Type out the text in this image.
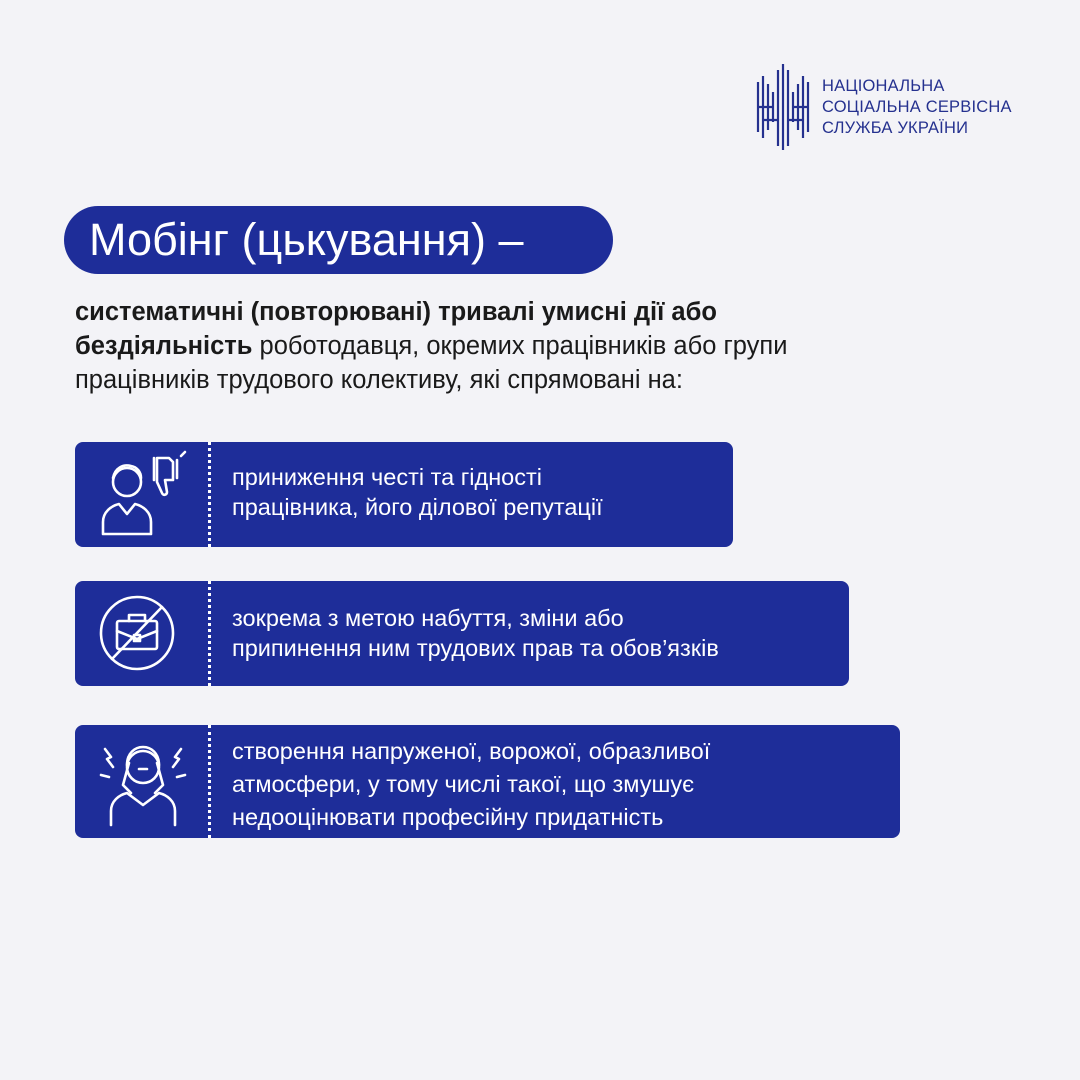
НАЦІОНАЛЬНА
СОЦІАЛЬНА СЕРВІСНА
СЛУЖБА УКРАЇНИ
Мобінг (цькування) –
систематичні (повторювані) тривалі умисні дії або
бездіяльність роботодавця, окремих працівників або групи
працівників трудового колективу, які спрямовані на:
приниження честі та гідності
працівника, його ділової репутації
зокрема з метою набуття, зміни або
припинення ним трудових прав та обов’язків
створення напруженої, ворожої, образливої
атмосфери, у тому числі такої, що змушує
недооцінювати професійну придатність
